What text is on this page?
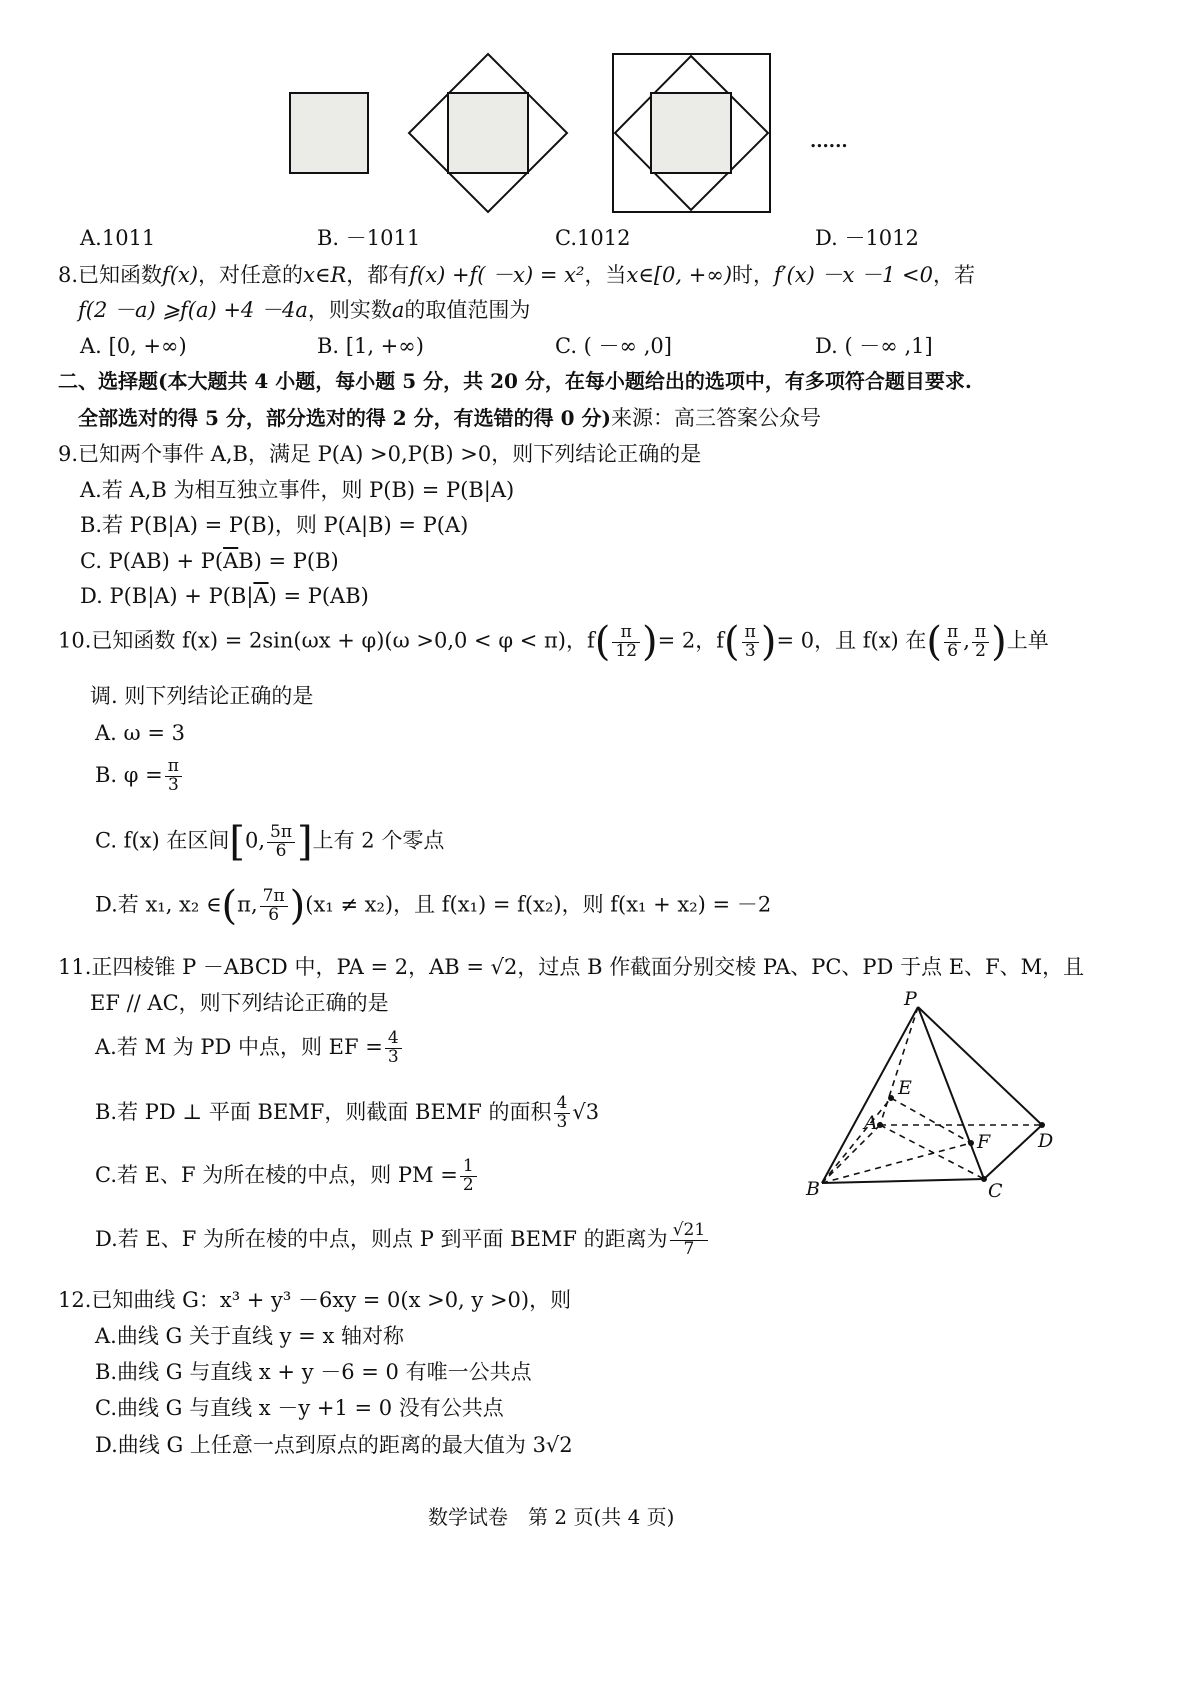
......
A.1011	B. －1011	C.1012	D. －1012
8.已知函数f(x)，对任意的x∈R，都有f(x) +f( －x) = x²，当x∈[0, +∞)时，f′(x) －x －1 <0，若
f(2 －a) ⩾f(a) +4 －4a，则实数a的取值范围为
A. [0, +∞)	B. [1, +∞)	C. ( －∞ ,0]	D. ( －∞ ,1]
二、选择题(本大题共 4 小题，每小题 5 分，共 20 分，在每小题给出的选项中，有多项符合题目要求.
全部选对的得 5 分，部分选对的得 2 分，有选错的得 0 分)来源：高三答案公众号
9.已知两个事件 A,B，满足 P(A) >0,P(B) >0，则下列结论正确的是
A.若 A,B 为相互独立事件，则 P(B) = P(B|A)
B.若 P(B|A) = P(B)，则 P(A|B) = P(A)
C. $P(AB) + P(\overline{A}B) = P(B)$
D. $P(B|A) + P(B|\overline{A}) = P(AB)$
10.已知函数 f(x) = 2sin(ωx + φ)(ω >0,0 < φ < π)，$f( \frac{\pi}{12}$ )= 2，$f( \frac{\pi}{3}$ )= 0，且 f(x) 在( $\frac{\pi}{6}$ , $\frac{\pi}{2}$ )上单
调. 则下列结论正确的是
A. ω = 3
B. $\varphi = \frac{\pi}{3}$
C. f(x) 在区间[0, $\frac{5\pi}{6}$ ]上有 2 个零点
D.若 x₁, x₂ ∈(π, $\frac{7\pi}{6} )(x_1 \ne x_2)$，且 f(x₁) = f(x₂)，则 f(x₁ + x₂) = －2
11.正四棱锥 P －ABCD 中，PA = 2，AB = √2，过点 B 作截面分别交棱 PA、PC、PD 于点 E、F、M，且
EF // AC，则下列结论正确的是
A.若 M 为 PD 中点，则 EF = $\frac{4}{3}$
B.若 PD ⊥ 平面 BEMF，则截面 BEMF 的面积 $\frac{4}{3} √3$
C.若 E、F 为所在棱的中点，则 PM = $\frac{1}{2}$
D.若 E、F 为所在棱的中点，则点 P 到平面 BEMF 的距离为 $\frac{√21}{7}$
P
E
A
F	D
B	C
12.已知曲线 G：x³ + y³ －6xy = 0(x >0, y >0)，则
A.曲线 G 关于直线 y = x 轴对称
B.曲线 G 与直线 x + y －6 = 0 有唯一公共点
C.曲线 G 与直线 x －y +1 = 0 没有公共点
D.曲线 G 上任意一点到原点的距离的最大值为 3√2
数学试卷　第 2 页(共 4 页)
